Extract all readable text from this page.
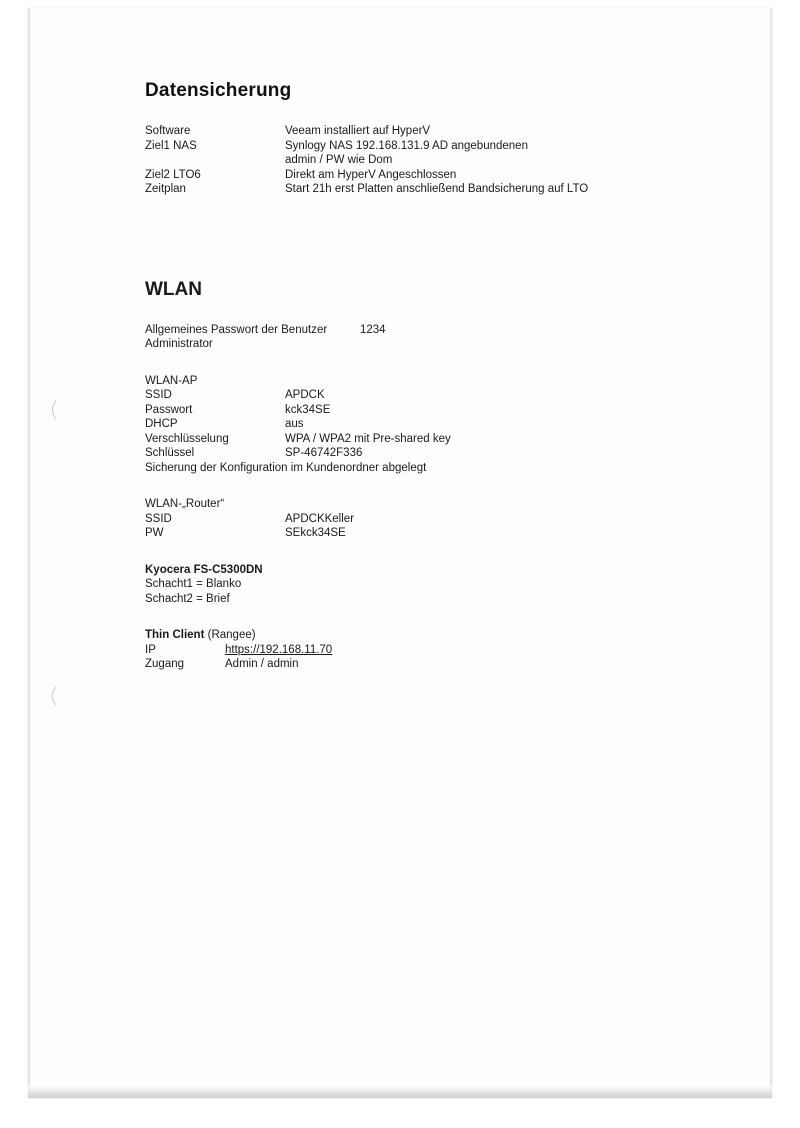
Datensicherung
Software	Veeam installiert auf HyperV
Ziel1 NAS	Synlogy NAS 192.168.131.9 AD angebundenen
admin / PW wie Dom
Ziel2 LTO6	Direkt am HyperV Angeschlossen
Zeitplan	Start 21h erst Platten anschließend Bandsicherung auf LTO
WLAN
Allgemeines Passwort der Benutzer	1234
Administrator
WLAN-AP
SSID	APDCK
Passwort	kck34SE
DHCP	aus
Verschlüsselung	WPA / WPA2 mit Pre-shared key
Schlüssel	SP-46742F336
Sicherung der Konfiguration im Kundenordner abgelegt
WLAN-„Router“
SSID	APDCKKeller
PW	SEkck34SE
Kyocera FS-C5300DN
Schacht1 = Blanko
Schacht2 = Brief
Thin Client (Rangee)
IP	https://192.168.11.70
Zugang	Admin / admin
